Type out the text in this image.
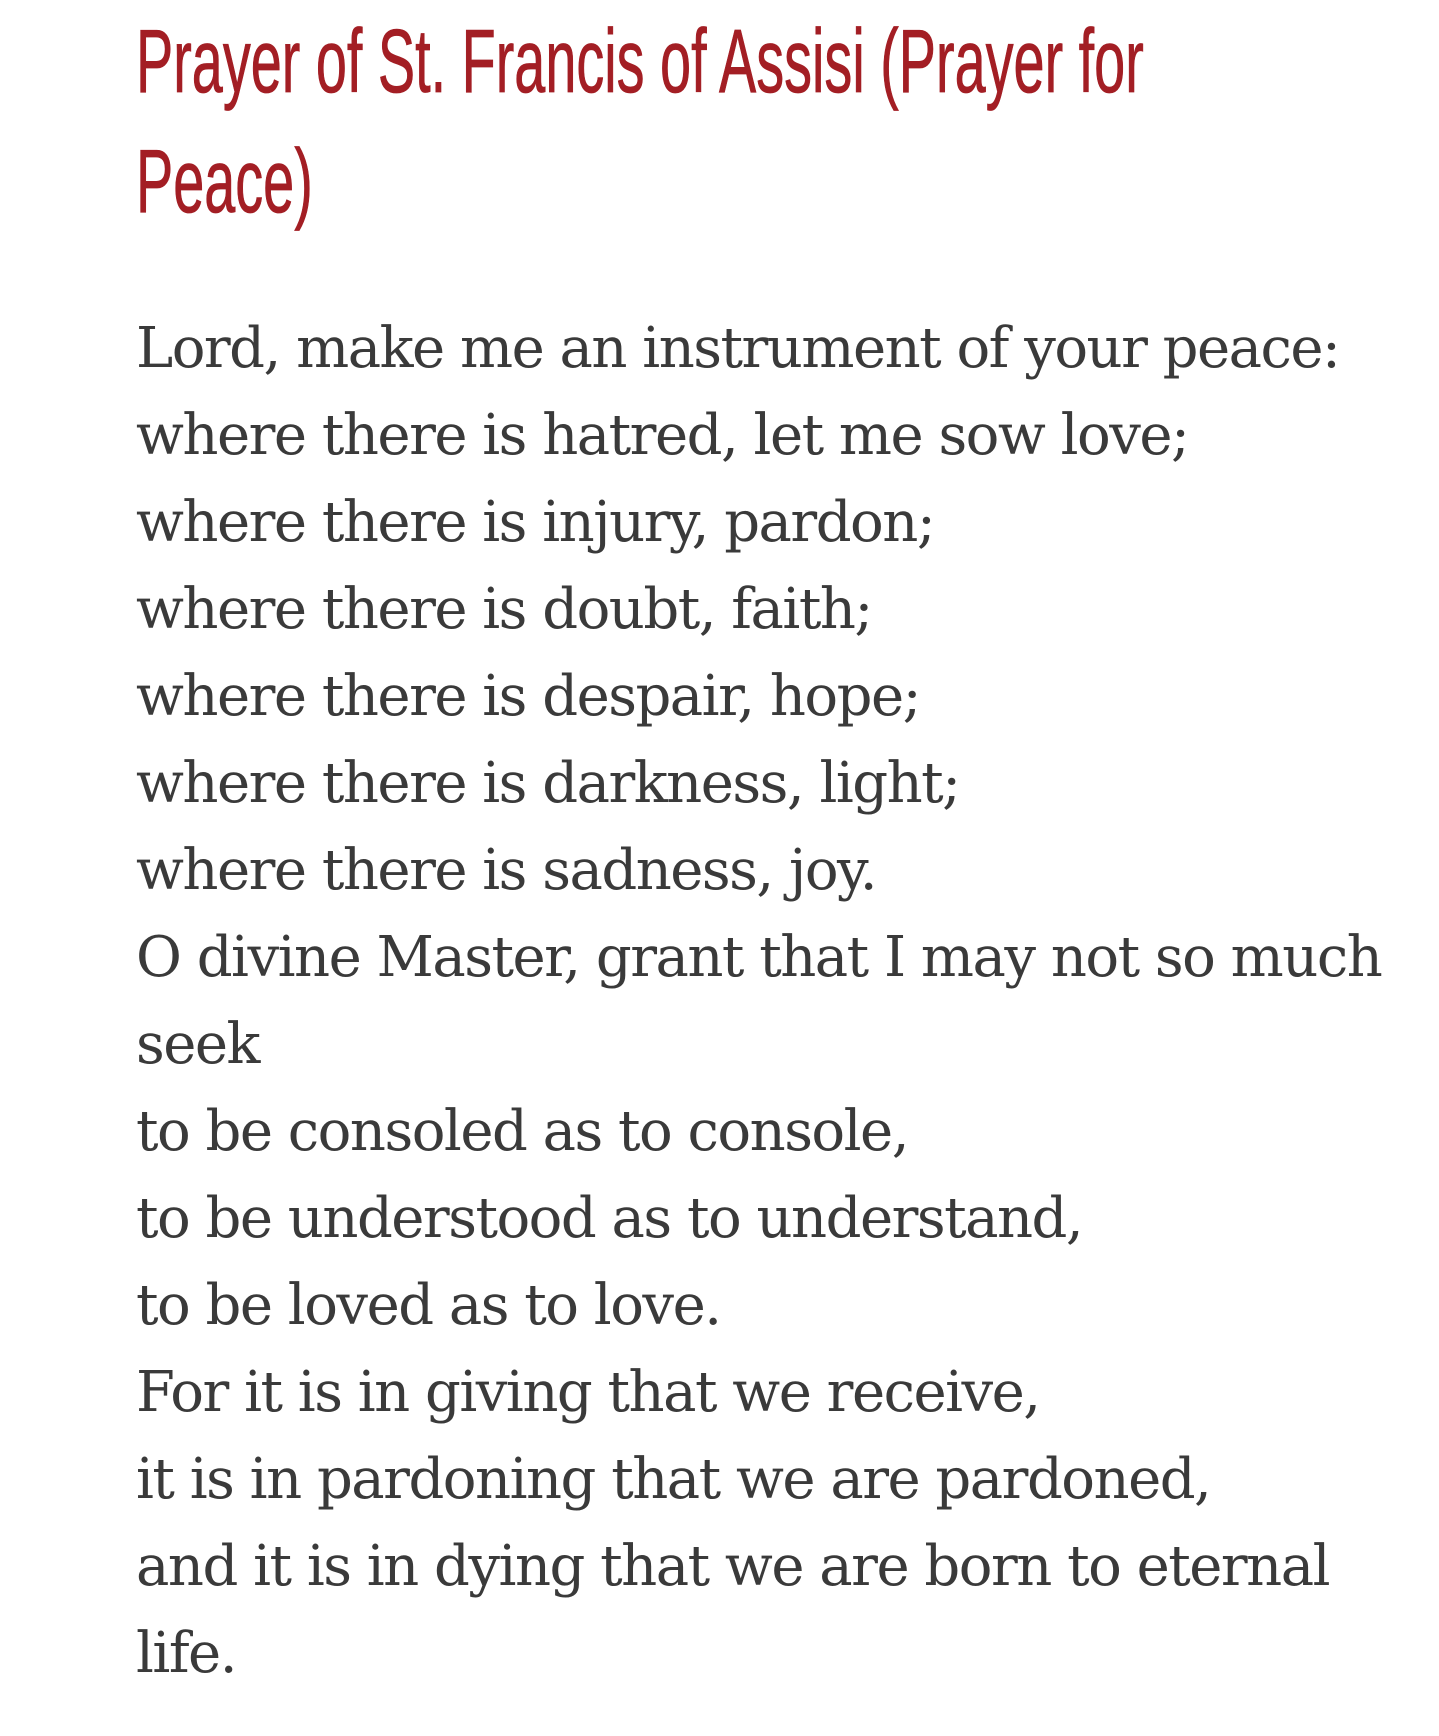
Prayer of St. Francis of Assisi (Prayer for
Peace)
Lord, make me an instrument of your peace:
where there is hatred, let me sow love;
where there is injury, pardon;
where there is doubt, faith;
where there is despair, hope;
where there is darkness, light;
where there is sadness, joy.
O divine Master, grant that I may not so much
seek
to be consoled as to console,
to be understood as to understand,
to be loved as to love.
For it is in giving that we receive,
it is in pardoning that we are pardoned,
and it is in dying that we are born to eternal
life.
